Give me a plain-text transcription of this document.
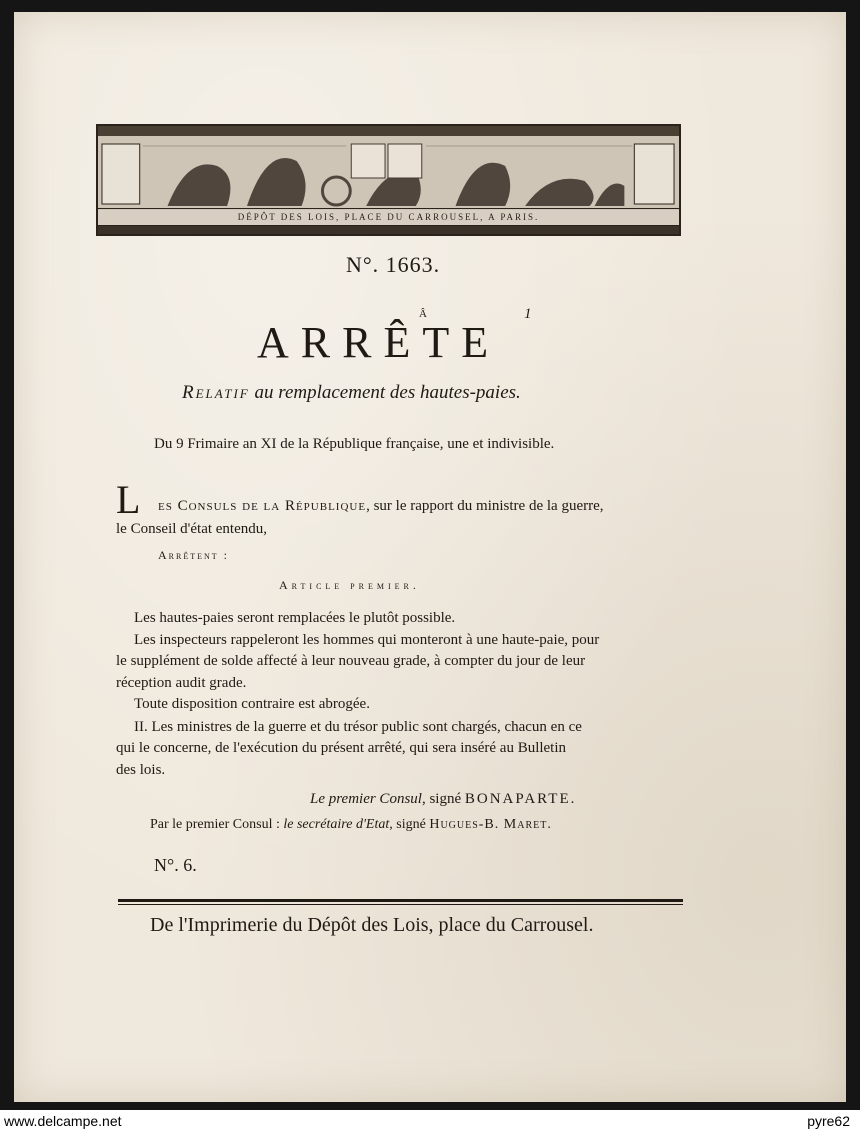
DÉPÔT DES LOIS, PLACE DU CARROUSEL, A PARIS.
N°. 1663.
Â	1
ARRÊTE
Relatif au remplacement des hautes-paies.
Du 9 Frimaire an XI de la République française, une et indivisible.
L es Consuls de la République, sur le rapport du ministre de la guerre,
le Conseil d'état entendu,
Arrêtent :
Article premier.
Les hautes-paies seront remplacées le plutôt possible.
Les inspecteurs rappeleront les hommes qui monteront à une haute-paie, pour
le supplément de solde affecté à leur nouveau grade, à compter du jour de leur
réception audit grade.
Toute disposition contraire est abrogée.
II. Les ministres de la guerre et du trésor public sont chargés, chacun en ce
qui le concerne, de l'exécution du présent arrêté, qui sera inséré au Bulletin
des lois.
Le premier Consul, signé BONAPARTE.
Par le premier Consul : le secrétaire d'Etat, signé Hugues-B. Maret.
N°. 6.
De l'Imprimerie du Dépôt des Lois, place du Carrousel.
www.delcampe.net	pyre62
